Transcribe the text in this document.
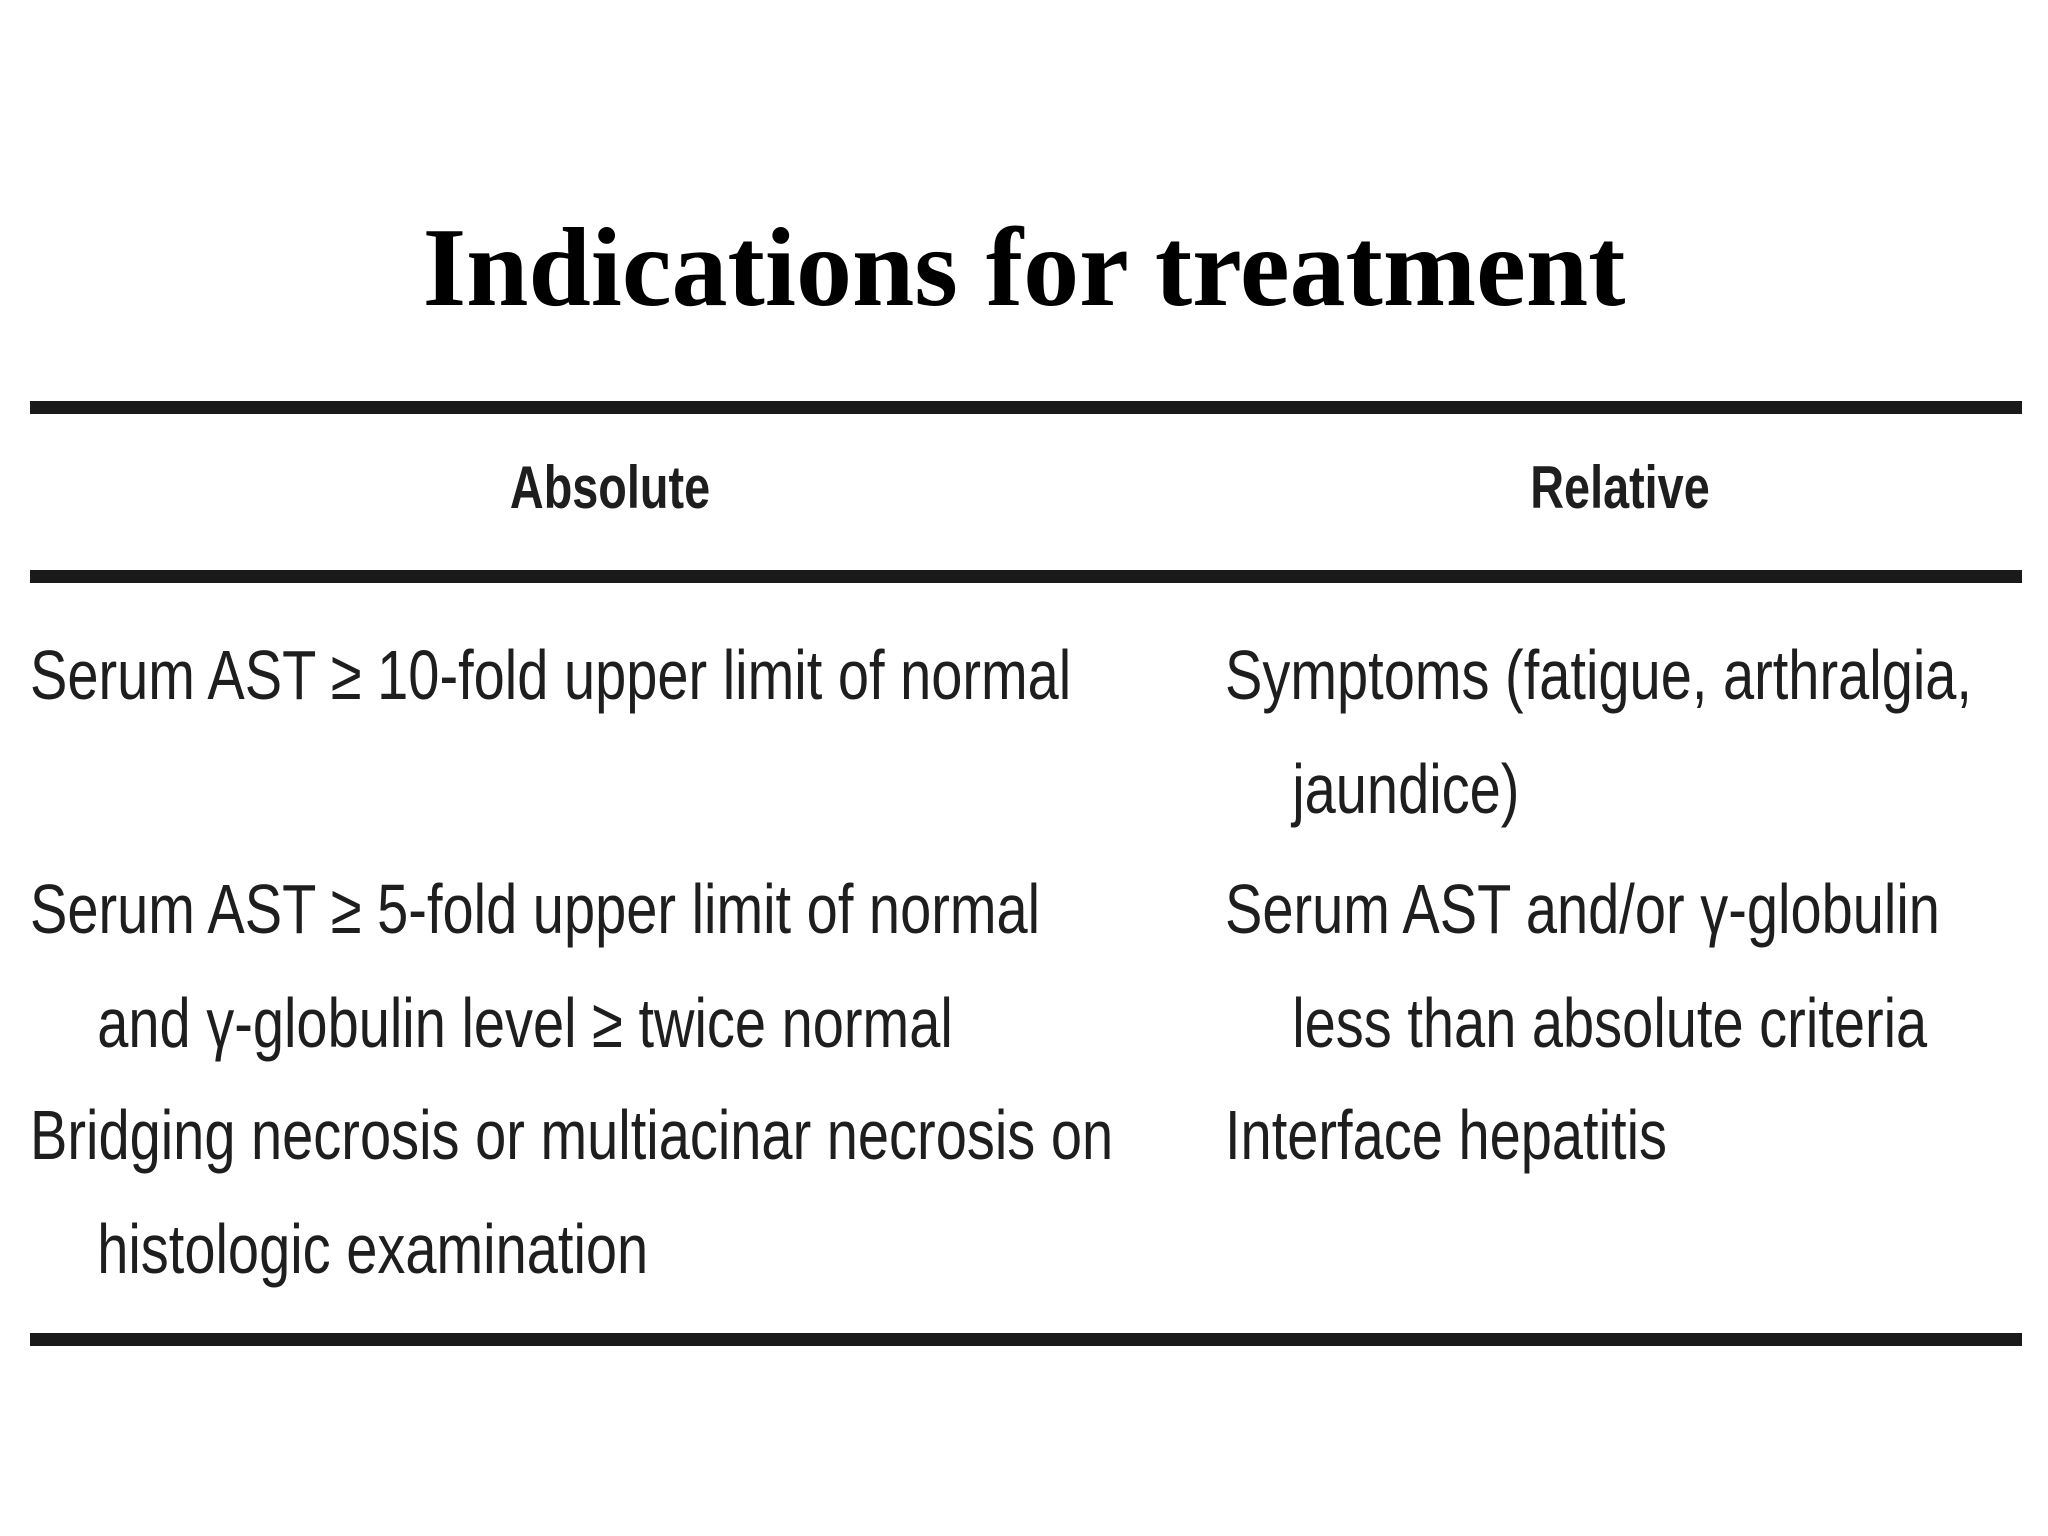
Indications for treatment
Absolute	Relative
Serum AST ≥ 10-fold upper limit of normal Symptoms (fatigue, arthralgia,
jaundice)
Serum AST ≥ 5-fold upper limit of normal
and γ-globulin level ≥ twice normal
Serum AST and/or γ-globulin
less than absolute criteria
Bridging necrosis or multiacinar necrosis on
histologic examination
Interface hepatitis
